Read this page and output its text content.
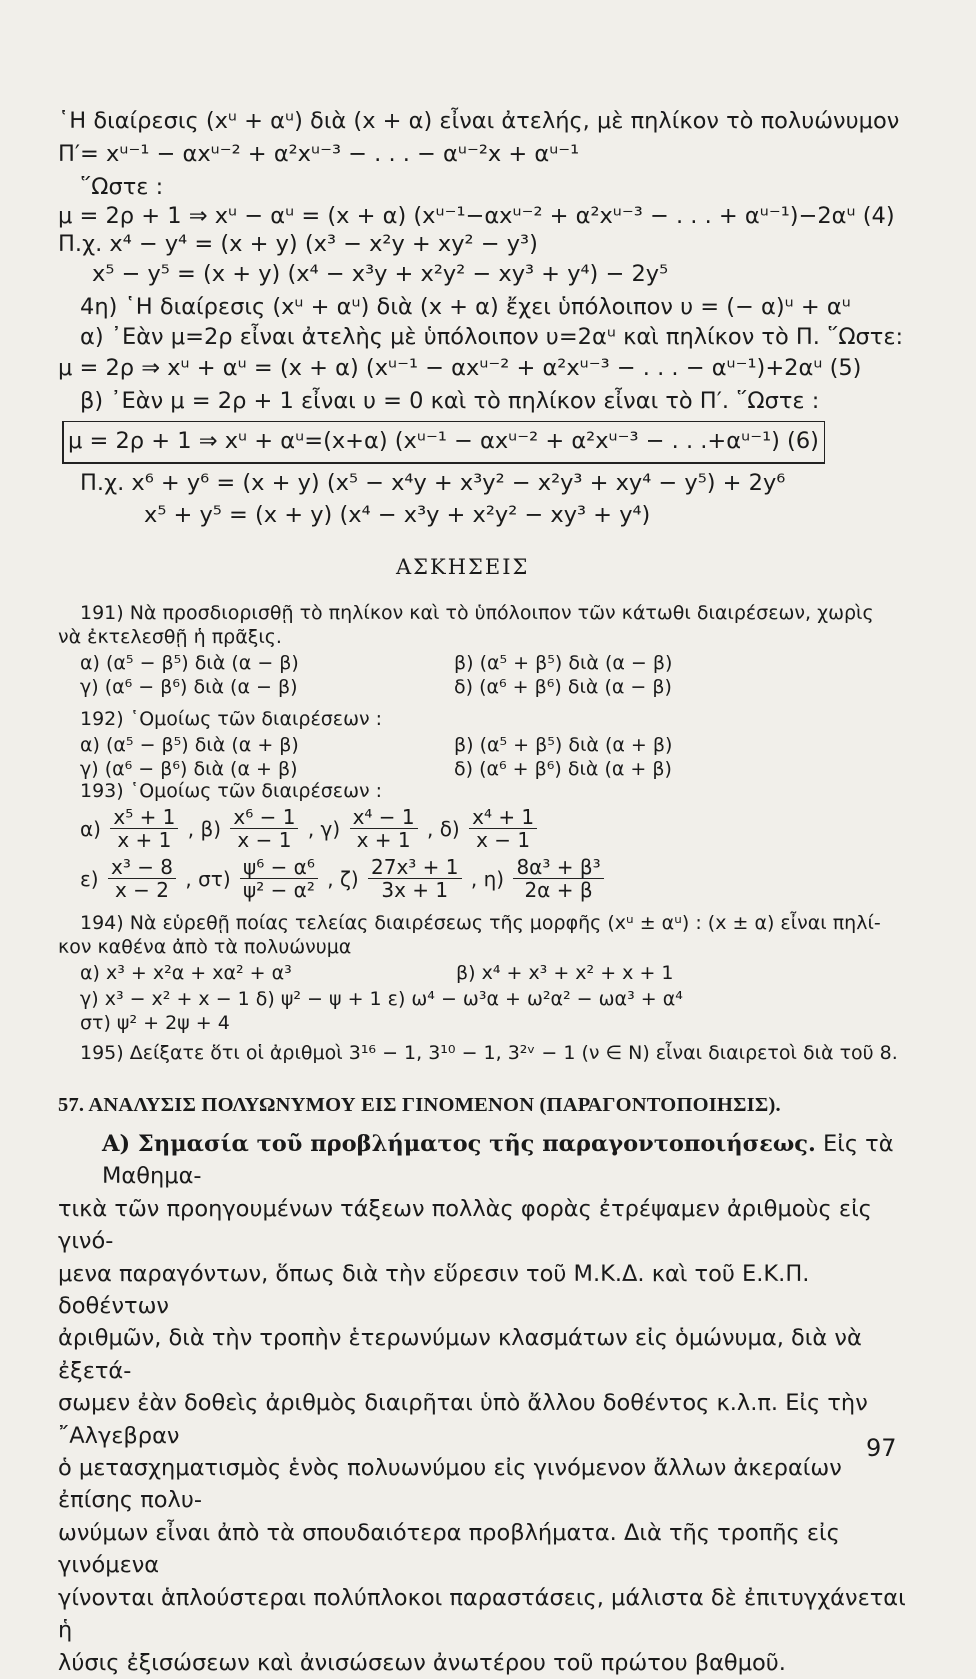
῾Η διαίρεσις (xᵘ + αᵘ) διὰ (x + α) εἶναι ἀτελής, μὲ πηλίκον τὸ πολυώνυμον
Π′= xᵘ⁻¹ − αxᵘ⁻² + α²xᵘ⁻³ − . . . − αᵘ⁻²x + αᵘ⁻¹
῞Ωστε :
μ = 2ρ + 1 ⇒ xᵘ − αᵘ = (x + α) (xᵘ⁻¹−αxᵘ⁻² + α²xᵘ⁻³ − . . . + αᵘ⁻¹)−2αᵘ (4)
Π.χ. x⁴ − y⁴ = (x + y) (x³ − x²y + xy² − y³)
x⁵ − y⁵ = (x + y) (x⁴ − x³y + x²y² − xy³ + y⁴) − 2y⁵
4η) ῾Η διαίρεσις (xᵘ + αᵘ) διὰ (x + α) ἔχει ὑπόλοιπον υ = (− α)ᵘ + αᵘ
α) ᾿Εὰν μ=2ρ εἶναι ἀτελὴς μὲ ὑπόλοιπον υ=2αᵘ καὶ πηλίκον τὸ Π. ῞Ωστε:
μ = 2ρ ⇒ xᵘ + αᵘ = (x + α) (xᵘ⁻¹ − αxᵘ⁻² + α²xᵘ⁻³ − . . . − αᵘ⁻¹)+2αᵘ (5)
β) ᾿Εὰν μ = 2ρ + 1 εἶναι υ = 0 καὶ τὸ πηλίκον εἶναι τὸ Π′. ῞Ωστε :
μ = 2ρ + 1 ⇒ xᵘ + αᵘ=(x+α) (xᵘ⁻¹ − αxᵘ⁻² + α²xᵘ⁻³ − . . .+αᵘ⁻¹) (6)
Π.χ. x⁶ + y⁶ = (x + y) (x⁵ − x⁴y + x³y² − x²y³ + xy⁴ − y⁵) + 2y⁶
x⁵ + y⁵ = (x + y) (x⁴ − x³y + x²y² − xy³ + y⁴)
ΑΣΚΗΣΕΙΣ
191) Νὰ προσδιορισθῇ τὸ πηλίκον καὶ τὸ ὑπόλοιπον τῶν κάτωθι διαιρέσεων, χωρὶς
νὰ ἐκτελεσθῇ ἡ πρᾶξις.
α) (α⁵ − β⁵) διὰ (α − β)	β) (α⁵ + β⁵) διὰ (α − β)
γ) (α⁶ − β⁶) διὰ (α − β)	δ) (α⁶ + β⁶) διὰ (α − β)
192) ῾Ομοίως τῶν διαιρέσεων :
α) (α⁵ − β⁵) διὰ (α + β)	β) (α⁵ + β⁵) διὰ (α + β)
γ) (α⁶ − β⁶) διὰ (α + β)	δ) (α⁶ + β⁶) διὰ (α + β)
193) ῾Ομοίως τῶν διαιρέσεων :
$\alpha) \frac{\text{x⁵ + 1}}{x + 1}$ , $\beta) \frac{\text{x⁶ − 1}}{x - 1}$ , $\gamma) \frac{\text{x⁴ − 1}}{x + 1}$ , $\delta) \frac{\text{x⁴ + 1}}{x - 1}$
$\varepsilon) \frac{\text{x³ − 8}}{x - 2}$ , $\sigma\tau) \frac{\text{ψ⁶ − α⁶}}{\text{ψ² − α²}}$ , $\zeta) \frac{\text{27x³ + 1}}{3x + 1}$ , $\eta) \frac{\text{8α³ + β³}}{2\alpha + \beta}$
194) Νὰ εὑρεθῇ ποίας τελείας διαιρέσεως τῆς μορφῆς (xᵘ ± αᵘ) : (x ± α) εἶναι πηλί-
κον καθένα ἀπὸ τὰ πολυώνυμα
α) x³ + x²α + xα² + α³	β) x⁴ + x³ + x² + x + 1
γ) x³ − x² + x − 1 δ) ψ² − ψ + 1 ε) ω⁴ − ω³α + ω²α² − ωα³ + α⁴
στ) ψ² + 2ψ + 4
195) Δείξατε ὅτι οἱ ἀριθμοὶ 3¹⁶ − 1, 3¹⁰ − 1, 3²ᵛ − 1 (ν ∈ N) εἶναι διαιρετοὶ διὰ τοῦ 8.
57. ΑΝΑΛΥΣΙΣ ΠΟΛΥΩΝΥΜΟΥ ΕΙΣ ΓΙΝΟΜΕΝΟΝ (ΠΑΡΑΓΟΝΤΟΠΟΙΗΣΙΣ).
Α) Σημασία τοῦ προβλήματος τῆς παραγοντοποιήσεως. Εἰς τὰ Μαθημα-
τικὰ τῶν προηγουμένων τάξεων πολλὰς φορὰς ἐτρέψαμεν ἀριθμοὺς εἰς γινό-
μενα παραγόντων, ὅπως διὰ τὴν εὕρεσιν τοῦ Μ.Κ.Δ. καὶ τοῦ Ε.Κ.Π. δοθέντων
ἀριθμῶν, διὰ τὴν τροπὴν ἑτερωνύμων κλασμάτων εἰς ὁμώνυμα, διὰ νὰ ἐξετά-
σωμεν ἐὰν δοθεὶς ἀριθμὸς διαιρῆται ὑπὸ ἄλλου δοθέντος κ.λ.π. Εἰς τὴν ῎Αλγεβραν
ὁ μετασχηματισμὸς ἑνὸς πολυωνύμου εἰς γινόμενον ἄλλων ἀκεραίων ἐπίσης πολυ-
ωνύμων εἶναι ἀπὸ τὰ σπουδαιότερα προβλήματα. Διὰ τῆς τροπῆς εἰς γινόμενα
γίνονται ἁπλούστεραι πολύπλοκοι παραστάσεις, μάλιστα δὲ ἐπιτυγχάνεται ἡ
λύσις ἐξισώσεων καὶ ἀνισώσεων ἀνωτέρου τοῦ πρώτου βαθμοῦ.
97
